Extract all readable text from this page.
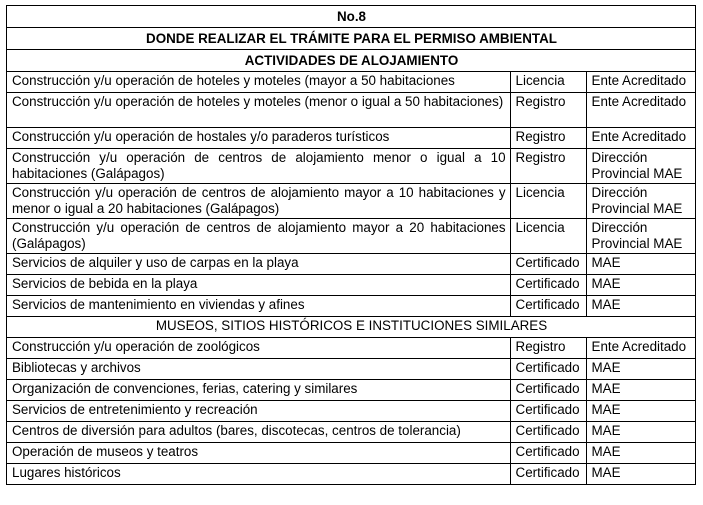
No.8		
DONDE REALIZAR EL TRÁMITE PARA EL PERMISO AMBIENTAL		
ACTIVIDADES DE ALOJAMIENTO		
Construcción y/u operación de hoteles y moteles (mayor a 50 habitaciones	Licencia	Ente Acreditado
Construcción y/u operación de hoteles y moteles (menor o igual a 50 habitaciones)	Registro	Ente Acreditado
Construcción y/u operación de hostales y/o paraderos turísticos	Registro	Ente Acreditado
Construcción y/u operación de centros de alojamiento menor o igual a 10 habitaciones (Galápagos)	Registro	Dirección Provincial MAE
Construcción y/u operación de centros de alojamiento mayor a 10 habitaciones y menor o igual a 20 habitaciones (Galápagos)	Licencia	Dirección Provincial MAE
Construcción y/u operación de centros de alojamiento mayor a 20 habitaciones (Galápagos)	Licencia	Dirección Provincial MAE
Servicios de alquiler y uso de carpas en la playa	Certificado	MAE
Servicios de bebida en la playa	Certificado	MAE
Servicios de mantenimiento en viviendas y afines	Certificado	MAE
MUSEOS, SITIOS HISTÓRICOS E INSTITUCIONES SIMILARES		
Construcción y/u operación de zoológicos	Registro	Ente Acreditado
Bibliotecas y archivos	Certificado	MAE
Organización de convenciones, ferias, catering y similares	Certificado	MAE
Servicios de entretenimiento y recreación	Certificado	MAE
Centros de diversión para adultos (bares, discotecas, centros de tolerancia)	Certificado	MAE
Operación de museos y teatros	Certificado	MAE
Lugares históricos	Certificado	MAE
